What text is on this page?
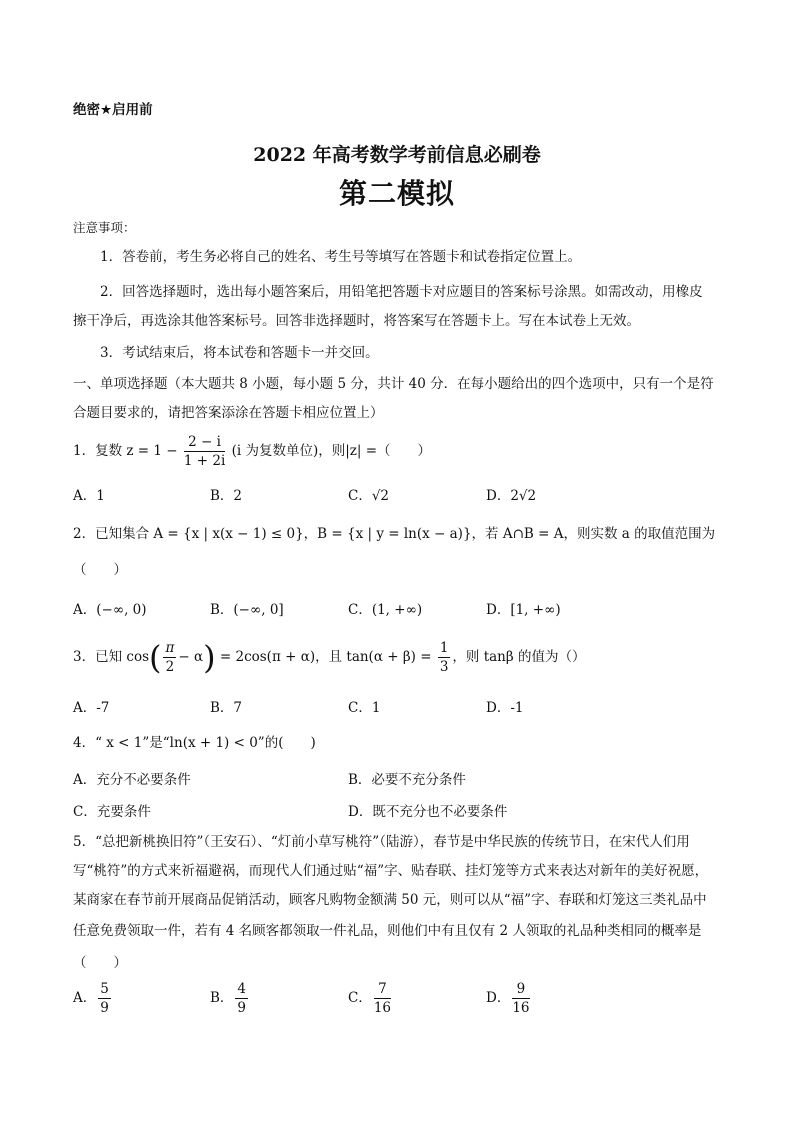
绝密★启用前
2022 年高考数学考前信息必刷卷
第二模拟
注意事项：
1．答卷前，考生务必将自己的姓名、考生号等填写在答题卡和试卷指定位置上。
2．回答选择题时，选出每小题答案后，用铅笔把答题卡对应题目的答案标号涂黑。如需改动，用橡皮
擦干净后，再选涂其他答案标号。回答非选择题时，将答案写在答题卡上。写在本试卷上无效。
3．考试结束后，将本试卷和答题卡一并交回。
一、单项选择题（本大题共 8 小题，每小题 5 分，共计 40 分．在每小题给出的四个选项中，只有一个是符
合题目要求的，请把答案添涂在答题卡相应位置上）
1．复数 $z = 1 - \frac{2 - i}{1 + 2i} (i$ 为复数单位)，则|z| =（　　）
A．1	B．2	C．√2	D．2√2
2．已知集合 A = {x | x(x − 1) ≤ 0}，B = {x | y = ln(x − a)}，若 A∩B = A，则实数 a 的取值范围为
（　　）
A．(−∞, 0)	B．(−∞, 0]	C．(1, +∞)	D．[1, +∞)
3．已知 $\cos( \frac{\pi}{2} - \alpha) = 2\cos(\pi + \alpha)$，且 $\tan(\alpha + \beta) = \frac{1}{3}$ ，则 tanβ 的值为（）
A．-7	B．7	C．1	D．-1
4．“ x < 1”是“ln(x + 1) < 0”的(　　)
A．充分不必要条件	B．必要不充分条件
C．充要条件	D．既不充分也不必要条件
5．“总把新桃换旧符”（王安石）、“灯前小草写桃符”（陆游），春节是中华民族的传统节日，在宋代人们用
写“桃符”的方式来祈福避祸，而现代人们通过贴“福”字、贴春联、挂灯笼等方式来表达对新年的美好祝愿，
某商家在春节前开展商品促销活动，顾客凡购物金额满 50 元，则可以从“福”字、春联和灯笼这三类礼品中
任意免费领取一件，若有 4 名顾客都领取一件礼品，则他们中有且仅有 2 人领取的礼品种类相同的概率是
（　　）
A． $\frac{5}{9}$	B． $\frac{4}{9}$	C． $\frac{7}{16}$	D． $\frac{9}{16}$
